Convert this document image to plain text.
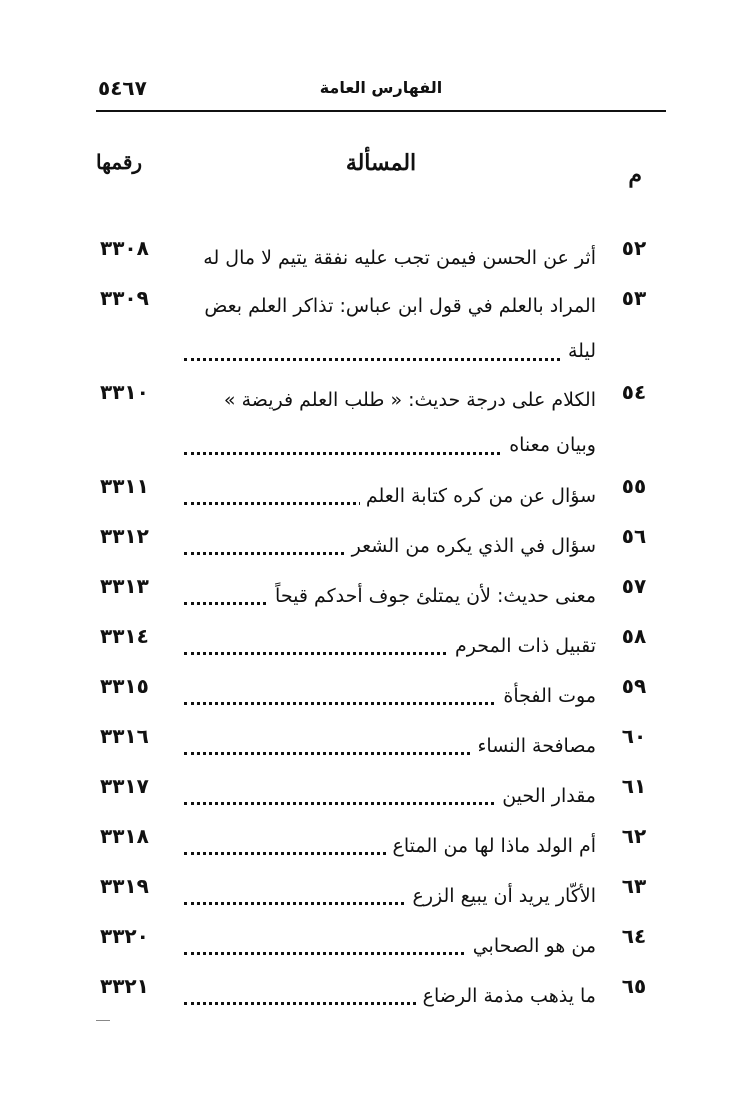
٥٤٦٧	الفهارس العامة
م
المسألة
رقمها
٥٢
أثر عن الحسن فيمن تجب عليه نفقة يتيم لا مال له
٣٣٠٨
٥٣
المراد بالعلم في قول ابن عباس: تذاكر العلم بعض ليلة
٣٣٠٩
٥٤
الكلام على درجة حديث: « طلب العلم فريضة » وبيان معناه
٣٣١٠
٥٥
سؤال عن من كره كتابة العلم
٣٣١١
٥٦
سؤال في الذي يكره من الشعر
٣٣١٢
٥٧
معنى حديث: لأن يمتلئ جوف أحدكم قيحاً
٣٣١٣
٥٨
تقبيل ذات المحرم
٣٣١٤
٥٩
موت الفجأة
٣٣١٥
٦٠
مصافحة النساء
٣٣١٦
٦١
مقدار الحين
٣٣١٧
٦٢
أم الولد ماذا لها من المتاع
٣٣١٨
٦٣
الأكّار يريد أن يبيع الزرع
٣٣١٩
٦٤
من هو الصحابي
٣٣٢٠
٦٥
ما يذهب مذمة الرضاع
٣٣٢١
